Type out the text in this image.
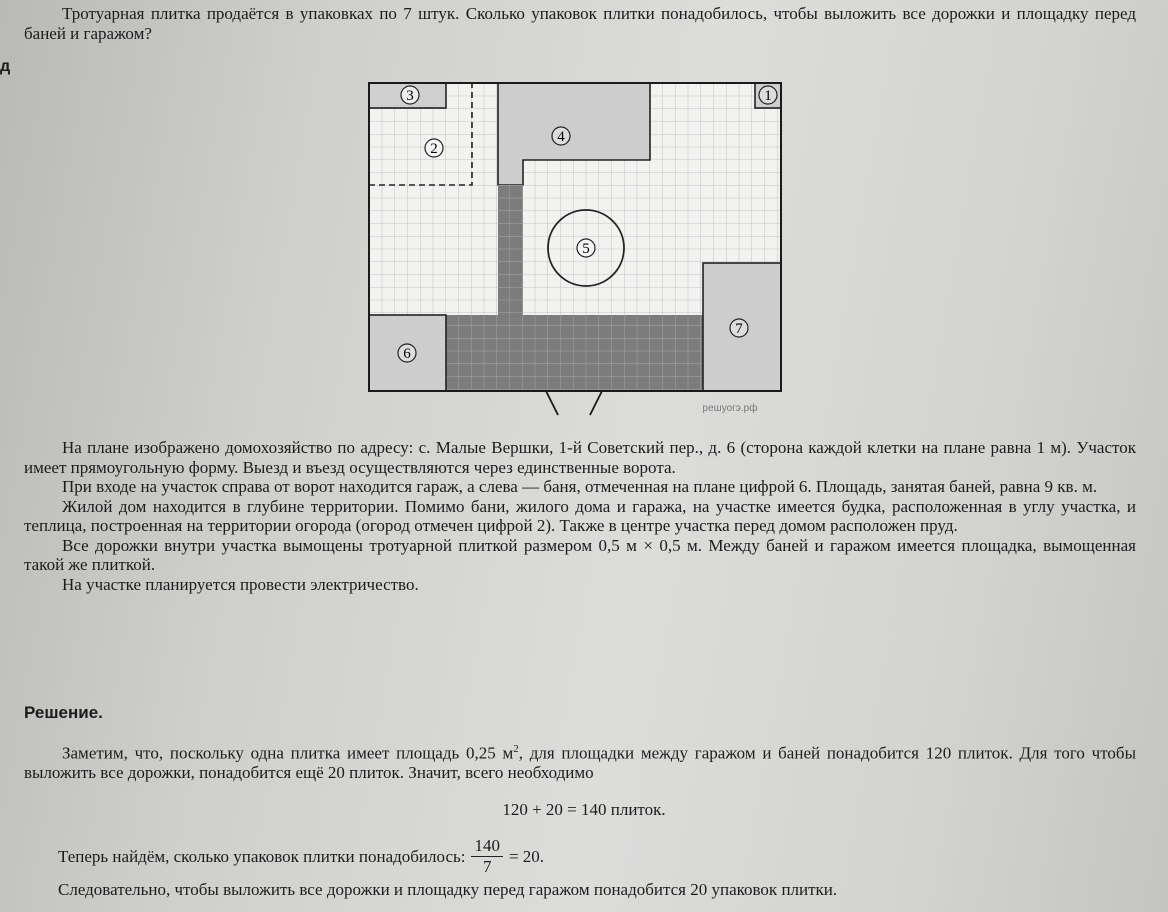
д

Тротуарная плитка продаётся в упаковках по 7 штук. Сколько упаковок плитки понадобилось, чтобы выложить все дорожки и площадку перед баней и гаражом?

3
2
4
1
5
6
7
решуогэ.рф

На плане изображено домохозяйство по адресу: с. Малые Вершки, 1-й Советский пер., д. 6 (сторона каждой клетки на плане равна 1 м). Участок имеет прямоугольную форму. Выезд и въезд осуществляются через единственные ворота.

При входе на участок справа от ворот находится гараж, а слева — баня, отмеченная на плане цифрой 6. Площадь, занятая баней, равна 9 кв. м.

Жилой дом находится в глубине территории. Помимо бани, жилого дома и гаража, на участке имеется будка, расположенная в углу участка, и теплица, построенная на территории огорода (огород отмечен цифрой 2). Также в центре участка перед домом расположен пруд.

Все дорожки внутри участка вымощены тротуарной плиткой размером 0,5 м × 0,5 м. Между баней и гаражом имеется площадка, вымощенная такой же плиткой.

На участке планируется провести электричество.

Решение.

Заметим, что, поскольку одна плитка имеет площадь 0,25 $м^2$, для площадки между гаражом и баней понадобится 120 плиток. Для того чтобы выложить все дорожки, понадобится ещё 20 плиток. Значит, всего необходимо

120 + 20 = 140 плиток.
Теперь найдём, сколько упаковок плитки понадобилось: $\frac{140}{7} = 20$.
Следовательно, чтобы выложить все дорожки и площадку перед гаражом понадобится 20 упаковок плитки.
